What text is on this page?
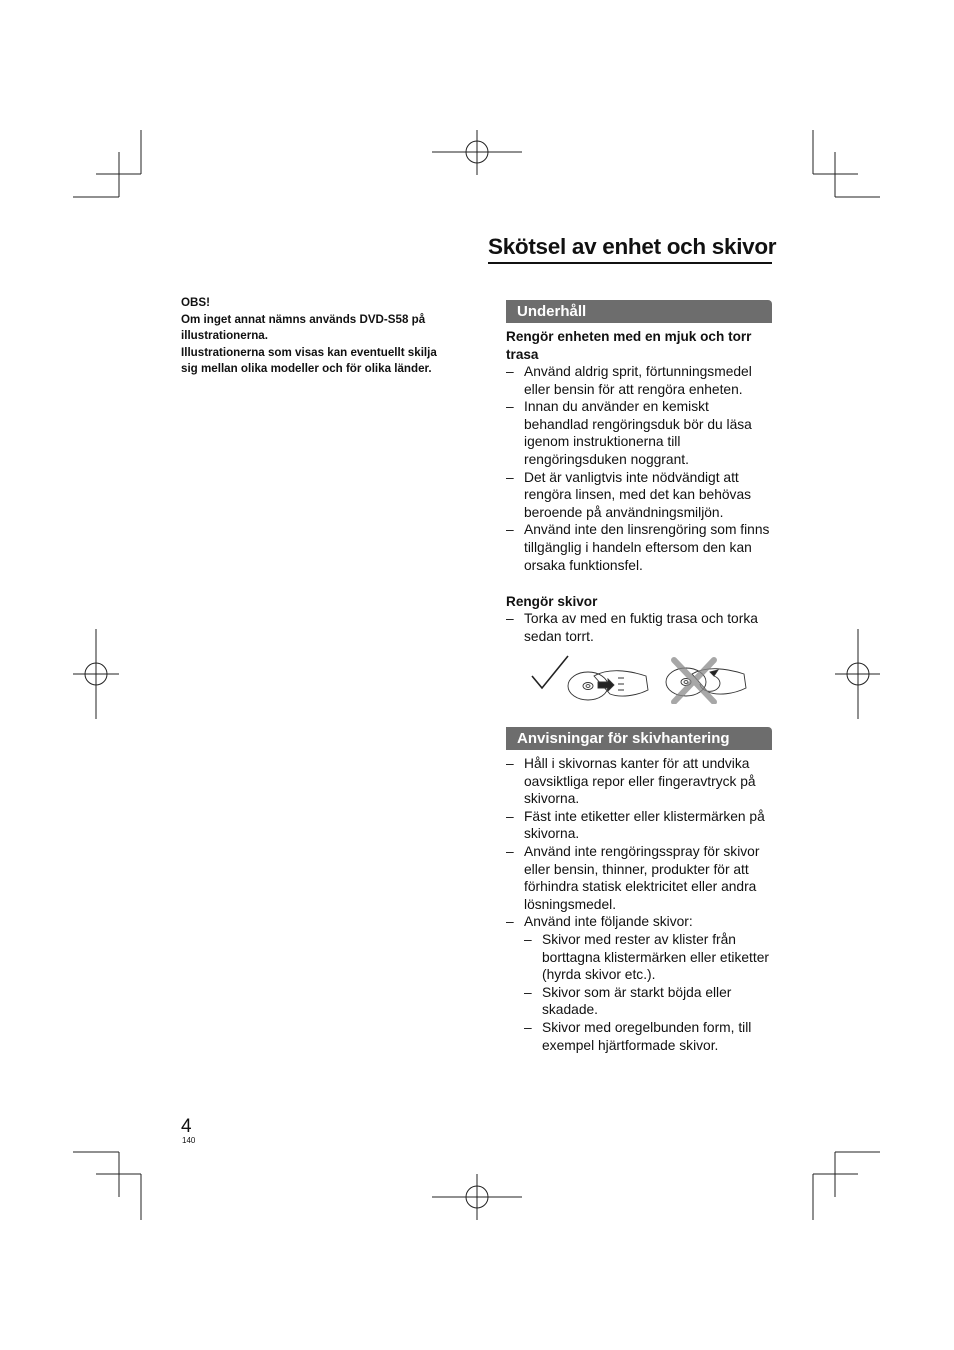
Skötsel av enhet och skivor
OBS!
Om inget annat nämns används DVD-S58 på
illustrationerna.
Illustrationerna som visas kan eventuellt skilja
sig mellan olika modeller och för olika länder.
Underhåll
Rengör enheten med en mjuk och torr
trasa
– Använd aldrig sprit, förtunningsmedel eller bensin för att rengöra enheten.
– Innan du använder en kemiskt behandlad rengöringsduk bör du läsa igenom instruktionerna till rengöringsduken noggrant.
– Det är vanligtvis inte nödvändigt att rengöra linsen, med det kan behövas beroende på användningsmiljön.
– Använd inte den linsrengöring som finns tillgänglig i handeln eftersom den kan orsaka funktionsfel.
Rengör skivor
– Torka av med en fuktig trasa och torka sedan torrt.
Anvisningar för skivhantering
– Håll i skivornas kanter för att undvika oavsiktliga repor eller fingeravtryck på skivorna.
– Fäst inte etiketter eller klistermärken på skivorna.
– Använd inte rengöringsspray för skivor eller bensin, thinner, produkter för att förhindra statisk elektricitet eller andra lösningsmedel.
– Använd inte följande skivor:
– Skivor med rester av klister från borttagna klistermärken eller etiketter (hyrda skivor etc.).
– Skivor som är starkt böjda eller skadade.
– Skivor med oregelbunden form, till exempel hjärtformade skivor.
4
140
